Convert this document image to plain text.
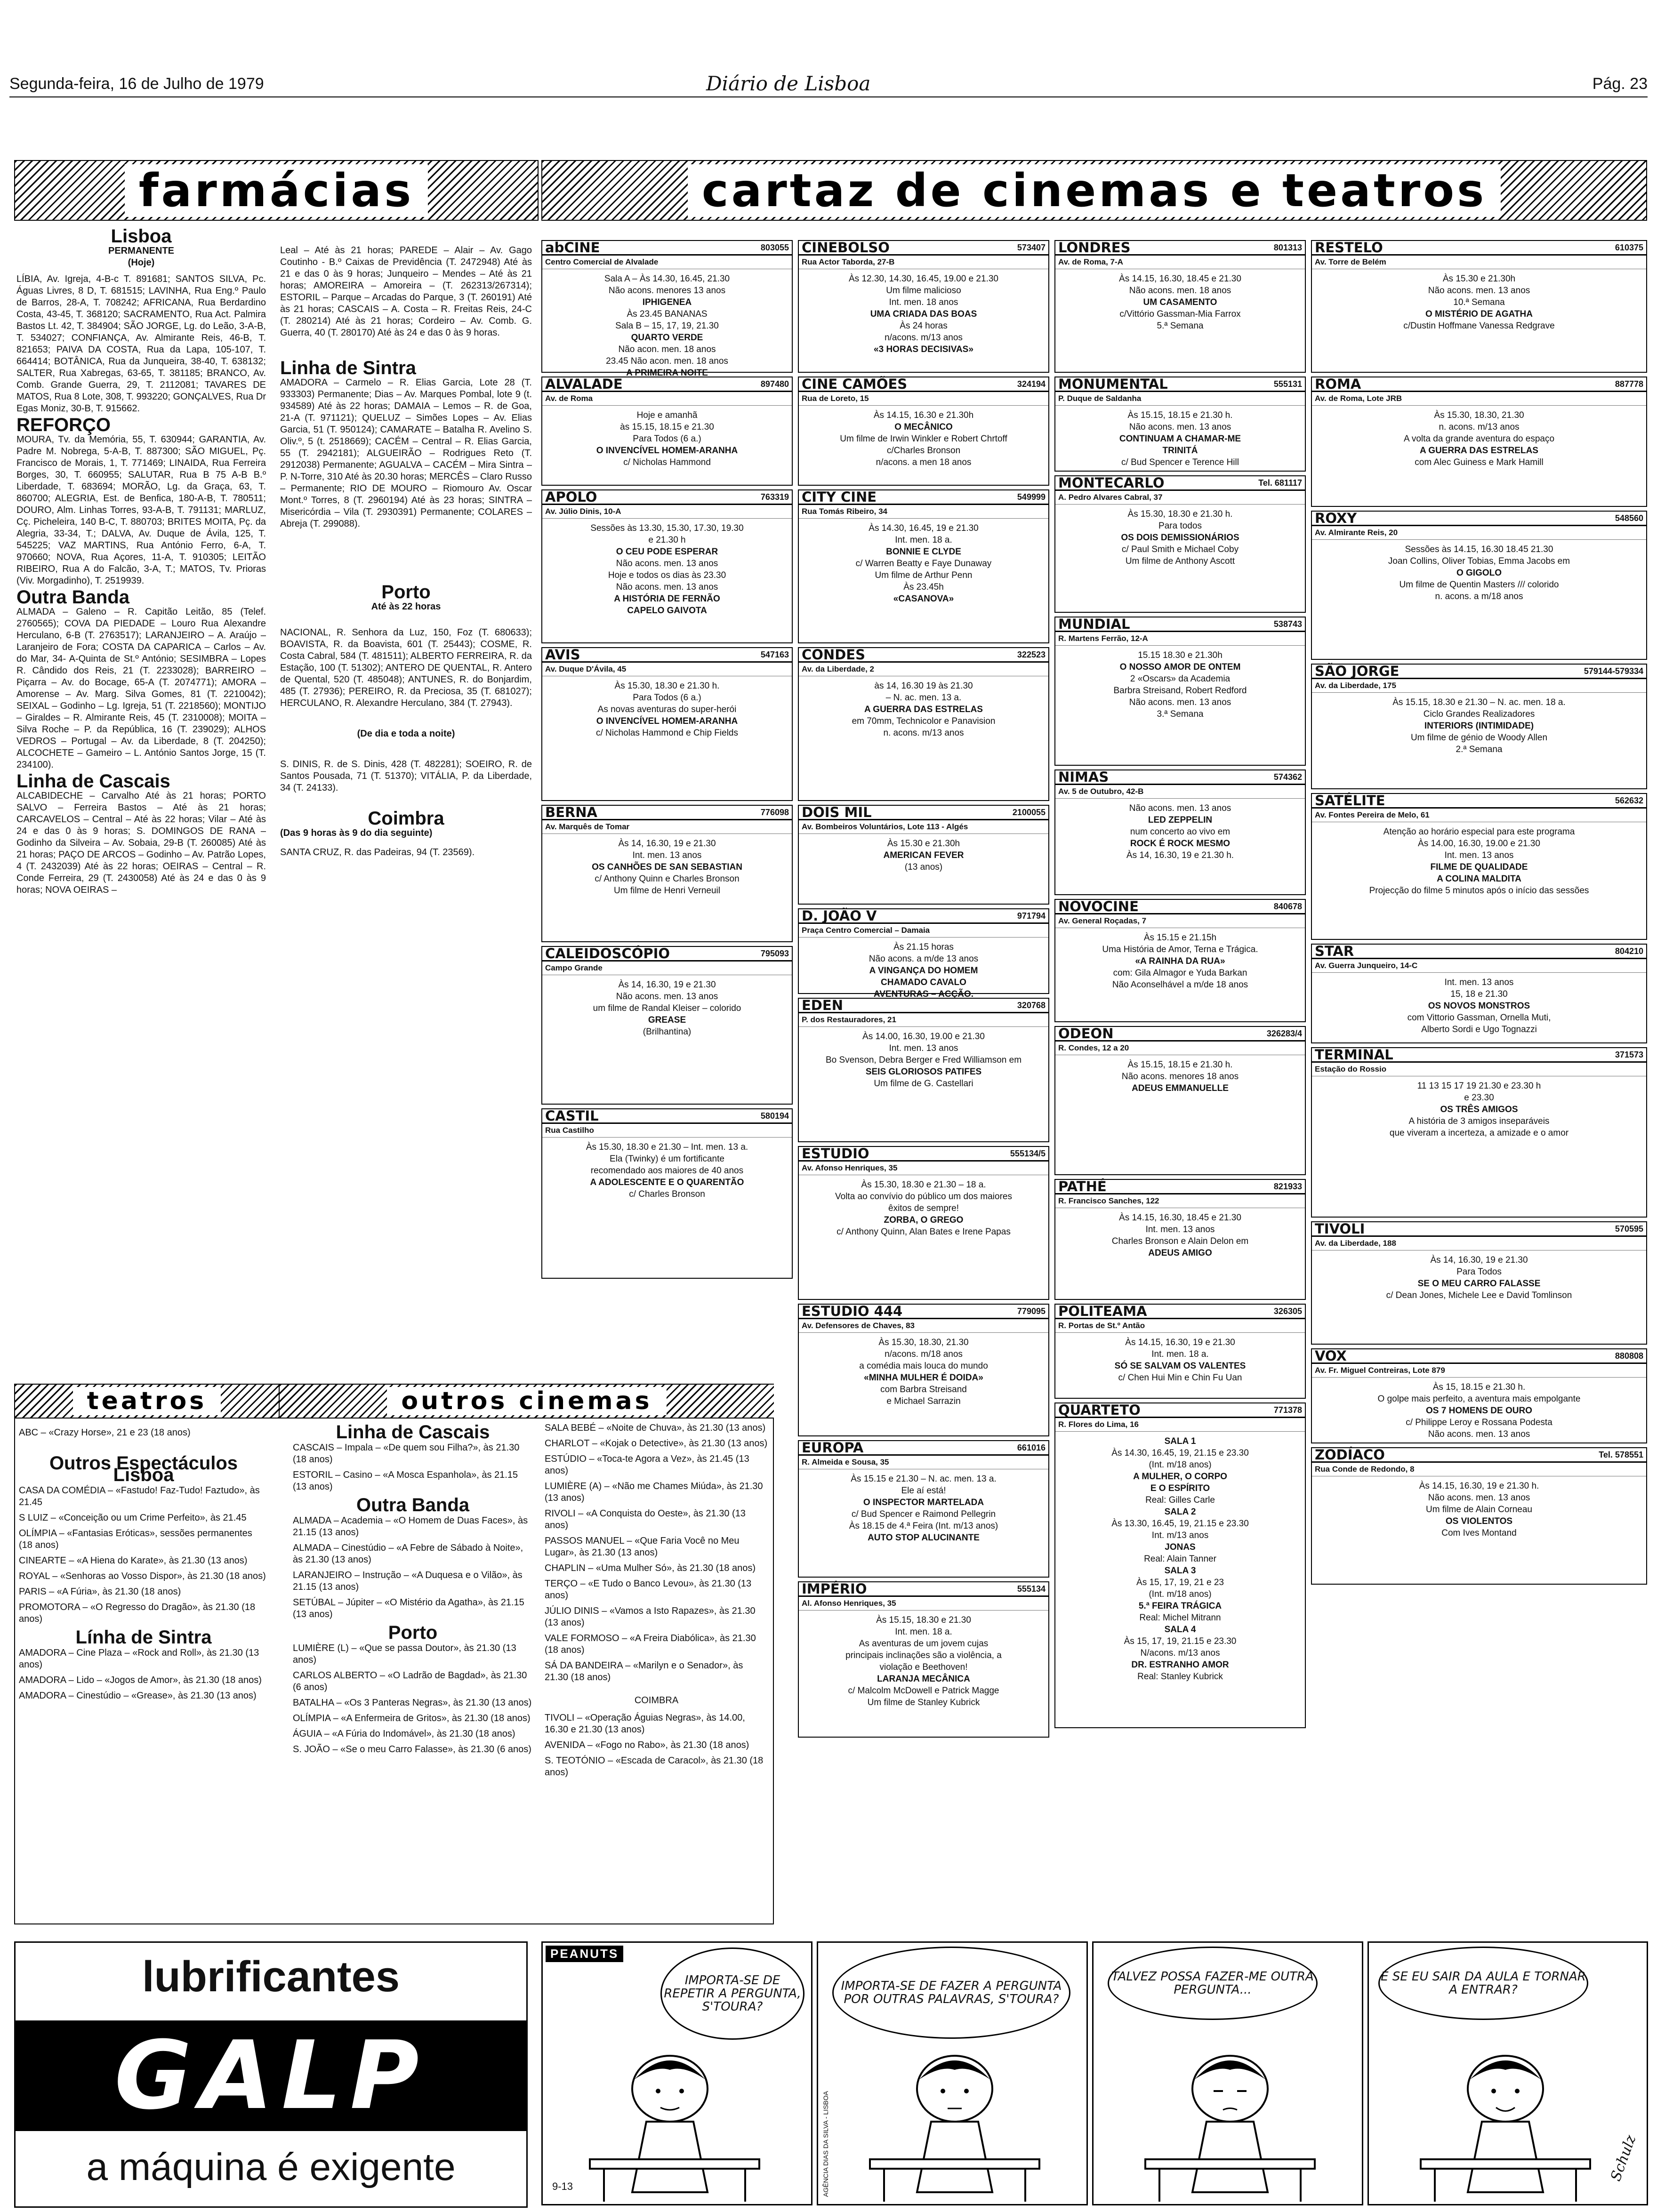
Segunda-feira, 16 de Julho de 1979	Diário de Lisboa	Pág. 23
farmácias	cartaz de cinemas e teatros
Lisboa
PERMANENTE
(Hoje)

LÍBIA, Av. Igreja, 4-B-c T. 891681; SANTOS SILVA, Pc. Águas Livres, 8 D, T. 681515; LAVINHA, Rua Eng.º Paulo de Barros, 28-A, T. 708242; AFRICANA, Rua Berdardino Costa, 43-45, T. 368120; SACRAMENTO, Rua Act. Palmira Bastos Lt. 42, T. 384904; SÃO JORGE, Lg. do Leão, 3-A-B, T. 534027; CONFIANÇA, Av. Almirante Reis, 46-B, T. 821653; PAIVA DA COSTA, Rua da Lapa, 105-107, T. 664414; BOTÂNICA, Rua da Junqueira, 38-40, T. 638132; SALTER, Rua Xabregas, 63-65, T. 381185; BRANCO, Av. Comb. Grande Guerra, 29, T. 2112081; TAVARES DE MATOS, Rua 8 Lote, 308, T. 993220; GONÇALVES, Rua Dr Egas Moniz, 30-B, T. 915662.

REFORÇO

MOURA, Tv. da Memória, 55, T. 630944; GARANTIA, Av. Padre M. Nobrega, 5-A-B, T. 887300; SÃO MIGUEL, Pç. Francisco de Morais, 1, T. 771469; LINAIDA, Rua Ferreira Borges, 30, T. 660955; SALUTAR, Rua B 75 A-B B.º Liberdade, T. 683694; MORÃO, Lg. da Graça, 63, T. 860700; ALEGRIA, Est. de Benfica, 180-A-B, T. 780511; DOURO, Alm. Linhas Torres, 93-A-B, T. 791131; MARLUZ, Cç. Picheleira, 140 B-C, T. 880703; BRITES MOITA, Pç. da Alegria, 33-34, T.; DALVA, Av. Duque de Ávila, 125, T. 545225; VAZ MARTINS, Rua António Ferro, 6-A, T. 970660; NOVA, Rua Açores, 11-A, T. 910305; LEITÃO RIBEIRO, Rua A do Falcão, 3-A, T.; MATOS, Tv. Prioras (Viv. Morgadinho), T. 2519939.

Outra Banda

ALMADA – Galeno – R. Capitão Leitão, 85 (Telef. 2760565); COVA DA PIEDADE – Louro Rua Alexandre Herculano, 6-B (T. 2763517); LARANJEIRO – A. Araújo – Laranjeiro de Fora; COSTA DA CAPARICA – Carlos – Av. do Mar, 34- A-Quinta de St.º António; SESIMBRA – Lopes R. Cândido dos Reis, 21 (T. 2233028); BARREIRO – Piçarra – Av. do Bocage, 65-A (T. 2074771); AMORA – Amorense – Av. Marg. Silva Gomes, 81 (T. 2210042); SEIXAL – Godinho – Lg. Igreja, 51 (T. 2218560); MONTIJO – Giraldes – R. Almirante Reis, 45 (T. 2310008); MOITA – Silva Roche – P. da República, 16 (T. 239029); ALHOS VEDROS – Portugal – Av. da Liberdade, 8 (T. 204250); ALCOCHETE – Gameiro – L. António Santos Jorge, 15 (T. 234100).

Linha de Cascais

ALCABIDECHE – Carvalho Até às 21 horas; PORTO SALVO – Ferreira Bastos – Até às 21 horas; CARCAVELOS – Central – Até às 22 horas; Vilar – Até às 24 e das 0 às 9 horas; S. DOMINGOS DE RANA – Godinho da Silveira – Av. Sobaia, 29-B (T. 260085) Até às 21 horas; PAÇO DE ARCOS – Godinho – Av. Patrão Lopes, 4 (T. 2432039) Até às 22 horas; OEIRAS – Central – R. Conde Ferreira, 29 (T. 2430058) Até às 24 e das 0 às 9 horas; NOVA OEIRAS –

Leal – Até às 21 horas; PAREDE – Alair – Av. Gago Coutinho - B.º Caixas de Previdência (T. 2472948) Até às 21 e das 0 às 9 horas; Junqueiro – Mendes – Até às 21 horas; AMOREIRA – Amoreira – (T. 262313/267314); ESTORIL – Parque – Arcadas do Parque, 3 (T. 260191) Até às 21 horas; CASCAIS – A. Costa – R. Freitas Reis, 24-C (T. 280214) Até às 21 horas; Cordeiro – Av. Comb. G. Guerra, 40 (T. 280170) Até às 24 e das 0 às 9 horas.

Linha de Sintra

AMADORA – Carmelo – R. Elias Garcia, Lote 28 (T. 933303) Permanente; Dias – Av. Marques Pombal, lote 9 (t. 934589) Até às 22 horas; DAMAIA – Lemos – R. de Goa, 21-A (T. 971121); QUELUZ – Simões Lopes – Av. Elias Garcia, 51 (T. 950124); CAMARATE – Batalha R. Avelino S. Oliv.º, 5 (t. 2518669); CACÉM – Central – R. Elias Garcia, 55 (T. 2942181); ALGUEIRÃO – Rodrigues Reto (T. 2912038) Permanente; AGUALVA – CACÉM – Mira Sintra – P. N-Torre, 310 Até às 20.30 horas; MERCÊS – Claro Russo – Permanente; RIO DE MOURO – Riomouro Av. Oscar Mont.º Torres, 8 (T. 2960194) Até às 23 horas; SINTRA – Misericórdia – Vila (T. 2930391) Permanente; COLARES – Abreja (T. 299088).

Porto
Até às 22 horas

NACIONAL, R. Senhora da Luz, 150, Foz (T. 680633); BOAVISTA, R. da Boavista, 601 (T. 25443); COSME, R. Costa Cabral, 584 (T. 481511); ALBERTO FERREIRA, R. da Estação, 100 (T. 51302); ANTERO DE QUENTAL, R. Antero de Quental, 520 (T. 485048); ANTUNES, R. do Bonjardim, 485 (T. 27936); PEREIRO, R. da Preciosa, 35 (T. 681027); HERCULANO, R. Alexandre Herculano, 384 (T. 27943).

(De dia e toda a noite)

S. DINIS, R. de S. Dinis, 428 (T. 482281); SOEIRO, R. de Santos Pousada, 71 (T. 51370); VITÁLIA, P. da Liberdade, 34 (T. 24133).

Coimbra
(Das 9 horas às 9 do dia seguinte)

SANTA CRUZ, R. das Padeiras, 94 (T. 23569).

abCINE	803055
Centro Comercial de Alvalade
Sala A – Às 14.30, 16.45, 21.30
Não acons. menores 13 anos
IPHIGENEA
Às 23.45 BANANAS
Sala B – 15, 17, 19, 21.30
QUARTO VERDE
Não acon. men. 18 anos
23.45 Não acon. men. 18 anos
A PRIMEIRA NOITE
ALVALADE	897480
Av. de Roma
Hoje e amanhã
às 15.15, 18.15 e 21.30
Para Todos (6 a.)
O INVENCÍVEL HOMEM-ARANHA
c/ Nicholas Hammond
APOLO	763319
Av. Júlio Dinis, 10-A
Sessões às 13.30, 15.30, 17.30, 19.30
e 21.30 h
O CEU PODE ESPERAR
Não acons. men. 13 anos
Hoje e todos os dias às 23.30
Não acons. men. 13 anos
A HISTÓRIA DE FERNÃO
CAPELO GAIVOTA
AVIS	547163
Av. Duque D'Ávila, 45
Às 15.30, 18.30 e 21.30 h.
Para Todos (6 a.)
As novas aventuras do super-herói
O INVENCÍVEL HOMEM-ARANHA
c/ Nicholas Hammond e Chip Fields
BERNA	776098
Av. Marquês de Tomar
Às 14, 16.30, 19 e 21.30
Int. men. 13 anos
OS CANHÕES DE SAN SEBASTIAN
c/ Anthony Quinn e Charles Bronson
Um filme de Henri Verneuil
CALEIDOSCÓPIO	795093
Campo Grande
Às 14, 16.30, 19 e 21.30
Não acons. men. 13 anos
um filme de Randal Kleiser – colorido
GREASE
(Brilhantina)
CASTIL	580194
Rua Castilho
Às 15.30, 18.30 e 21.30 – Int. men. 13 a.
Ela (Twinky) é um fortificante
recomendado aos maiores de 40 anos
A ADOLESCENTE E O QUARENTÃO
c/ Charles Bronson
CINEBOLSO	573407
Rua Actor Taborda, 27-B
Às 12.30, 14.30, 16.45, 19.00 e 21.30
Um filme malicioso
Int. men. 18 anos
UMA CRIADA DAS BOAS
Às 24 horas
n/acons. m/13 anos
«3 HORAS DECISIVAS»
CINE CAMÕES	324194
Rua de Loreto, 15
Às 14.15, 16.30 e 21.30h
O MECÂNICO
Um filme de Irwin Winkler e Robert Chrtoff
c/Charles Bronson
n/acons. a men 18 anos
CITY CINE	549999
Rua Tomás Ribeiro, 34
Às 14.30, 16.45, 19 e 21.30
Int. men. 18 a.
BONNIE E CLYDE
c/ Warren Beatty e Faye Dunaway
Um filme de Arthur Penn
Às 23.45h
«CASANOVA»
CONDES	322523
Av. da Liberdade, 2
às 14, 16.30 19 às 21.30
– N. ac. men. 13 a.
A GUERRA DAS ESTRELAS
em 70mm, Technicolor e Panavision
n. acons. m/13 anos
DOIS MIL	2100055
Av. Bombeiros Voluntários, Lote 113 - Algés
Às 15.30 e 21.30h
AMERICAN FEVER
(13 anos)
D. JOÃO V	971794
Praça Centro Comercial – Damaia
Às 21.15 horas
Não acons. a m/de 13 anos
A VINGANÇA DO HOMEM
CHAMADO CAVALO
AVENTURAS – ACÇÃO.
EDEN	320768
P. dos Restauradores, 21
Às 14.00, 16.30, 19.00 e 21.30
Int. men. 13 anos
Bo Svenson, Debra Berger e Fred Williamson em
SEIS GLORIOSOS PATIFES
Um filme de G. Castellari
ESTUDIO	555134/5
Av. Afonso Henriques, 35
Às 15.30, 18.30 e 21.30 – 18 a.
Volta ao convívio do público um dos maiores
êxitos de sempre!
ZORBA, O GREGO
c/ Anthony Quinn, Alan Bates e Irene Papas
ESTUDIO 444	779095
Av. Defensores de Chaves, 83
Às 15.30, 18.30, 21.30
n/acons. m/18 anos
a comédia mais louca do mundo
«MINHA MULHER É DOIDA»
com Barbra Streisand
e Michael Sarrazin
EUROPA	661016
R. Almeida e Sousa, 35
Às 15.15 e 21.30 – N. ac. men. 13 a.
Ele aí está!
O INSPECTOR MARTELADA
c/ Bud Spencer e Raimond Pellegrin
Às 18.15 de 4.ª Feira (Int. m/13 anos)
AUTO STOP ALUCINANTE
IMPÉRIO	555134
Al. Afonso Henriques, 35
Às 15.15, 18.30 e 21.30
Int. men. 18 a.
As aventuras de um jovem cujas
principais inclinações são a violência, a
violação e Beethoven!
LARANJA MECÂNICA
c/ Malcolm McDowell e Patrick Magge
Um filme de Stanley Kubrick
LONDRES	801313
Av. de Roma, 7-A
Às 14.15, 16.30, 18.45 e 21.30
Não acons. men. 18 anos
UM CASAMENTO
c/Vittório Gassman-Mia Farrox
5.ª Semana
MONUMENTAL	555131
P. Duque de Saldanha
Às 15.15, 18.15 e 21.30 h.
Não acons. men. 13 anos
CONTINUAM A CHAMAR-ME
TRINITÁ
c/ Bud Spencer e Terence Hill
MONTECARLO	Tel. 681117
A. Pedro Alvares Cabral, 37
Às 15.30, 18.30 e 21.30 h.
Para todos
OS DOIS DEMISSIONÁRIOS
c/ Paul Smith e Michael Coby
Um filme de Anthony Ascott
MUNDIAL	538743
R. Martens Ferrão, 12-A
15.15 18.30 e 21.30h
O NOSSO AMOR DE ONTEM
2 «Oscars» da Academia
Barbra Streisand, Robert Redford
Não acons. men. 13 anos
3.ª Semana
NIMAS	574362
Av. 5 de Outubro, 42-B
Não acons. men. 13 anos
LED ZEPPELIN
num concerto ao vivo em
ROCK É ROCK MESMO
Às 14, 16.30, 19 e 21.30 h.
NOVOCINE	840678
Av. General Roçadas, 7
Às 15.15 e 21.15h
Uma História de Amor, Terna e Trágica.
«A RAINHA DA RUA»
com: Gila Almagor e Yuda Barkan
Não Aconselhável a m/de 18 anos
ODEON	326283/4
R. Condes, 12 a 20
Às 15.15, 18.15 e 21.30 h.
Não acons. menores 18 anos
ADEUS EMMANUELLE
PATHÉ	821933
R. Francisco Sanches, 122
Às 14.15, 16.30, 18.45 e 21.30
Int. men. 13 anos
Charles Bronson e Alain Delon em
ADEUS AMIGO
POLITEAMA	326305
R. Portas de St.º Antão
Às 14.15, 16.30, 19 e 21.30
Int. men. 18 a.
SÓ SE SALVAM OS VALENTES
c/ Chen Hui Min e Chin Fu Uan
QUARTETO	771378
R. Flores do Lima, 16
SALA 1
Às 14.30, 16.45, 19, 21.15 e 23.30
(Int. m/18 anos)
A MULHER, O CORPO
E O ESPÍRITO
Real: Gilles Carle
SALA 2
Às 13.30, 16.45, 19, 21.15 e 23.30
Int. m/13 anos
JONAS
Real: Alain Tanner
SALA 3
Às 15, 17, 19, 21 e 23
(Int. m/18 anos)
5.ª FEIRA TRÁGICA
Real: Michel Mitrann
SALA 4
Às 15, 17, 19, 21.15 e 23.30
N/acons. m/13 anos
DR. ESTRANHO AMOR
Real: Stanley Kubrick
RESTELO	610375
Av. Torre de Belém
Às 15.30 e 21.30h
Não acons. men. 13 anos
10.ª Semana
O MISTÉRIO DE AGATHA
c/Dustin Hoffmane Vanessa Redgrave
ROMA	887778
Av. de Roma, Lote JRB
Às 15.30, 18.30, 21.30
n. acons. m/13 anos
A volta da grande aventura do espaço
A GUERRA DAS ESTRELAS
com Alec Guiness e Mark Hamill
ROXY	548560
Av. Almirante Reis, 20
Sessões às 14.15, 16.30 18.45 21.30
Joan Collins, Oliver Tobias, Emma Jacobs em
O GIGOLO
Um filme de Quentin Masters /// colorido
n. acons. a m/18 anos
SÃO JORGE	579144-579334
Av. da Liberdade, 175
Às 15.15, 18.30 e 21.30 – N. ac. men. 18 a.
Ciclo Grandes Realizadores
INTERIORS (INTIMIDADE)
Um filme de génio de Woody Allen
2.ª Semana
SATÉLITE	562632
Av. Fontes Pereira de Melo, 61
Atenção ao horário especial para este programa
Às 14.00, 16.30, 19.00 e 21.30
Int. men. 13 anos
FILME DE QUALIDADE
A COLINA MALDITA
Projecção do filme 5 minutos após o início das sessões
STAR	804210
Av. Guerra Junqueiro, 14-C
Int. men. 13 anos
15, 18 e 21.30
OS NOVOS MONSTROS
com Vittorio Gassman, Ornella Muti,
Alberto Sordi e Ugo Tognazzi
TERMINAL	371573
Estação do Rossio
11 13 15 17 19 21.30 e 23.30 h
e 23.30
OS TRÊS AMIGOS
A história de 3 amigos inseparáveis
que viveram a incerteza, a amizade e o amor
TIVOLI	570595
Av. da Liberdade, 188
Às 14, 16.30, 19 e 21.30
Para Todos
SE O MEU CARRO FALASSE
c/ Dean Jones, Michele Lee e David Tomlinson
VOX	880808
Av. Fr. Miguel Contreiras, Lote 879
Às 15, 18.15 e 21.30 h.
O golpe mais perfeito, a aventura mais empolgante
OS 7 HOMENS DE OURO
c/ Philippe Leroy e Rossana Podesta
Não acons. men. 13 anos
ZODÍACO	Tel. 578551
Rua Conde de Redondo, 8
Às 14.15, 16.30, 19 e 21.30 h.
Não acons. men. 13 anos
Um filme de Alain Corneau
OS VIOLENTOS
Com Ives Montand
teatros	outros cinemas

ABC – «Crazy Horse», 21 e 23 (18 anos)

Outros Espectáculos Lisboa

CASA DA COMÉDIA – «Fastudo! Faz-Tudo! Faztudo», às 21.45

S LUIZ – «Conceição ou um Crime Perfeito», às 21.45

OLÍMPIA – «Fantasias Eróticas», sessões permanentes (18 anos)

CINEARTE – «A Hiena do Karate», às 21.30 (13 anos)

ROYAL – «Senhoras ao Vosso Dispor», às 21.30 (18 anos)

PARIS – «A Fúria», às 21.30 (18 anos)

PROMOTORA – «O Regresso do Dragão», às 21.30 (18 anos)

Línha de Sintra

AMADORA – Cine Plaza – «Rock and Roll», às 21.30 (13 anos)

AMADORA – Lido – «Jogos de Amor», às 21.30 (18 anos)

AMADORA – Cinestúdio – «Grease», às 21.30 (13 anos)

Linha de Cascais

CASCAIS – Impala – «De quem sou Filha?», às 21.30 (18 anos)

ESTORIL – Casino – «A Mosca Espanhola», às 21.15 (13 anos)

Outra Banda

ALMADA – Academia – «O Homem de Duas Faces», às 21.15 (13 anos)

ALMADA – Cinestúdio – «A Febre de Sábado à Noite», às 21.30 (13 anos)

LARANJEIRO – Instrução – «A Duquesa e o Vilão», às 21.15 (13 anos)

SETÚBAL – Júpiter – «O Mistério da Agatha», às 21.15 (13 anos)

Porto

LUMIÈRE (L) – «Que se passa Doutor», às 21.30 (13 anos)

CARLOS ALBERTO – «O Ladrão de Bagdad», às 21.30 (6 anos)

BATALHA – «Os 3 Panteras Negras», às 21.30 (13 anos)

OLÍMPIA – «A Enfermeira de Gritos», às 21.30 (18 anos)

ÁGUIA – «A Fúria do Indomável», às 21.30 (18 anos)

S. JOÃO – «Se o meu Carro Falasse», às 21.30 (6 anos)

SALA BEBÉ – «Noite de Chuva», às 21.30 (13 anos)

CHARLOT – «Kojak o Detective», às 21.30 (13 anos)

ESTÚDIO – «Toca-te Agora a Vez», às 21.45 (13 anos)

LUMIÈRE (A) – «Não me Chames Miúda», às 21.30 (13 anos)

RIVOLI – «A Conquista do Oeste», às 21.30 (13 anos)

PASSOS MANUEL – «Que Faria Você no Meu Lugar», às 21.30 (13 anos)

CHAPLIN – «Uma Mulher Só», às 21.30 (18 anos)

TERÇO – «E Tudo o Banco Levou», às 21.30 (13 anos)

JÚLIO DINIS – «Vamos a Isto Rapazes», às 21.30 (13 anos)

VALE FORMOSO – «A Freira Diabólica», às 21.30 (18 anos)

SÁ DA BANDEIRA – «Marilyn e o Senador», às 21.30 (18 anos)

COIMBRA

TIVOLI – «Operação Águias Negras», às 14.00, 16.30 e 21.30 (13 anos)

AVENIDA – «Fogo no Rabo», às 21.30 (18 anos)

S. TEOTÓNIO – «Escada de Caracol», às 21.30 (18 anos)

lubrificantes
GALP
a máquina é exigente
PEANUTS
IMPORTA-SE DE REPETIR A PERGUNTA, S'TOURA?
9-13
IMPORTA-SE DE FAZER A PERGUNTA POR OUTRAS PALAVRAS, S'TOURA?
AGÊNCIA DIAS DA SILVA - LISBOA
TALVEZ POSSA FAZER-ME OUTRA PERGUNTA...
E SE EU SAIR DA AULA E TORNAR A ENTRAR?
Schulz
